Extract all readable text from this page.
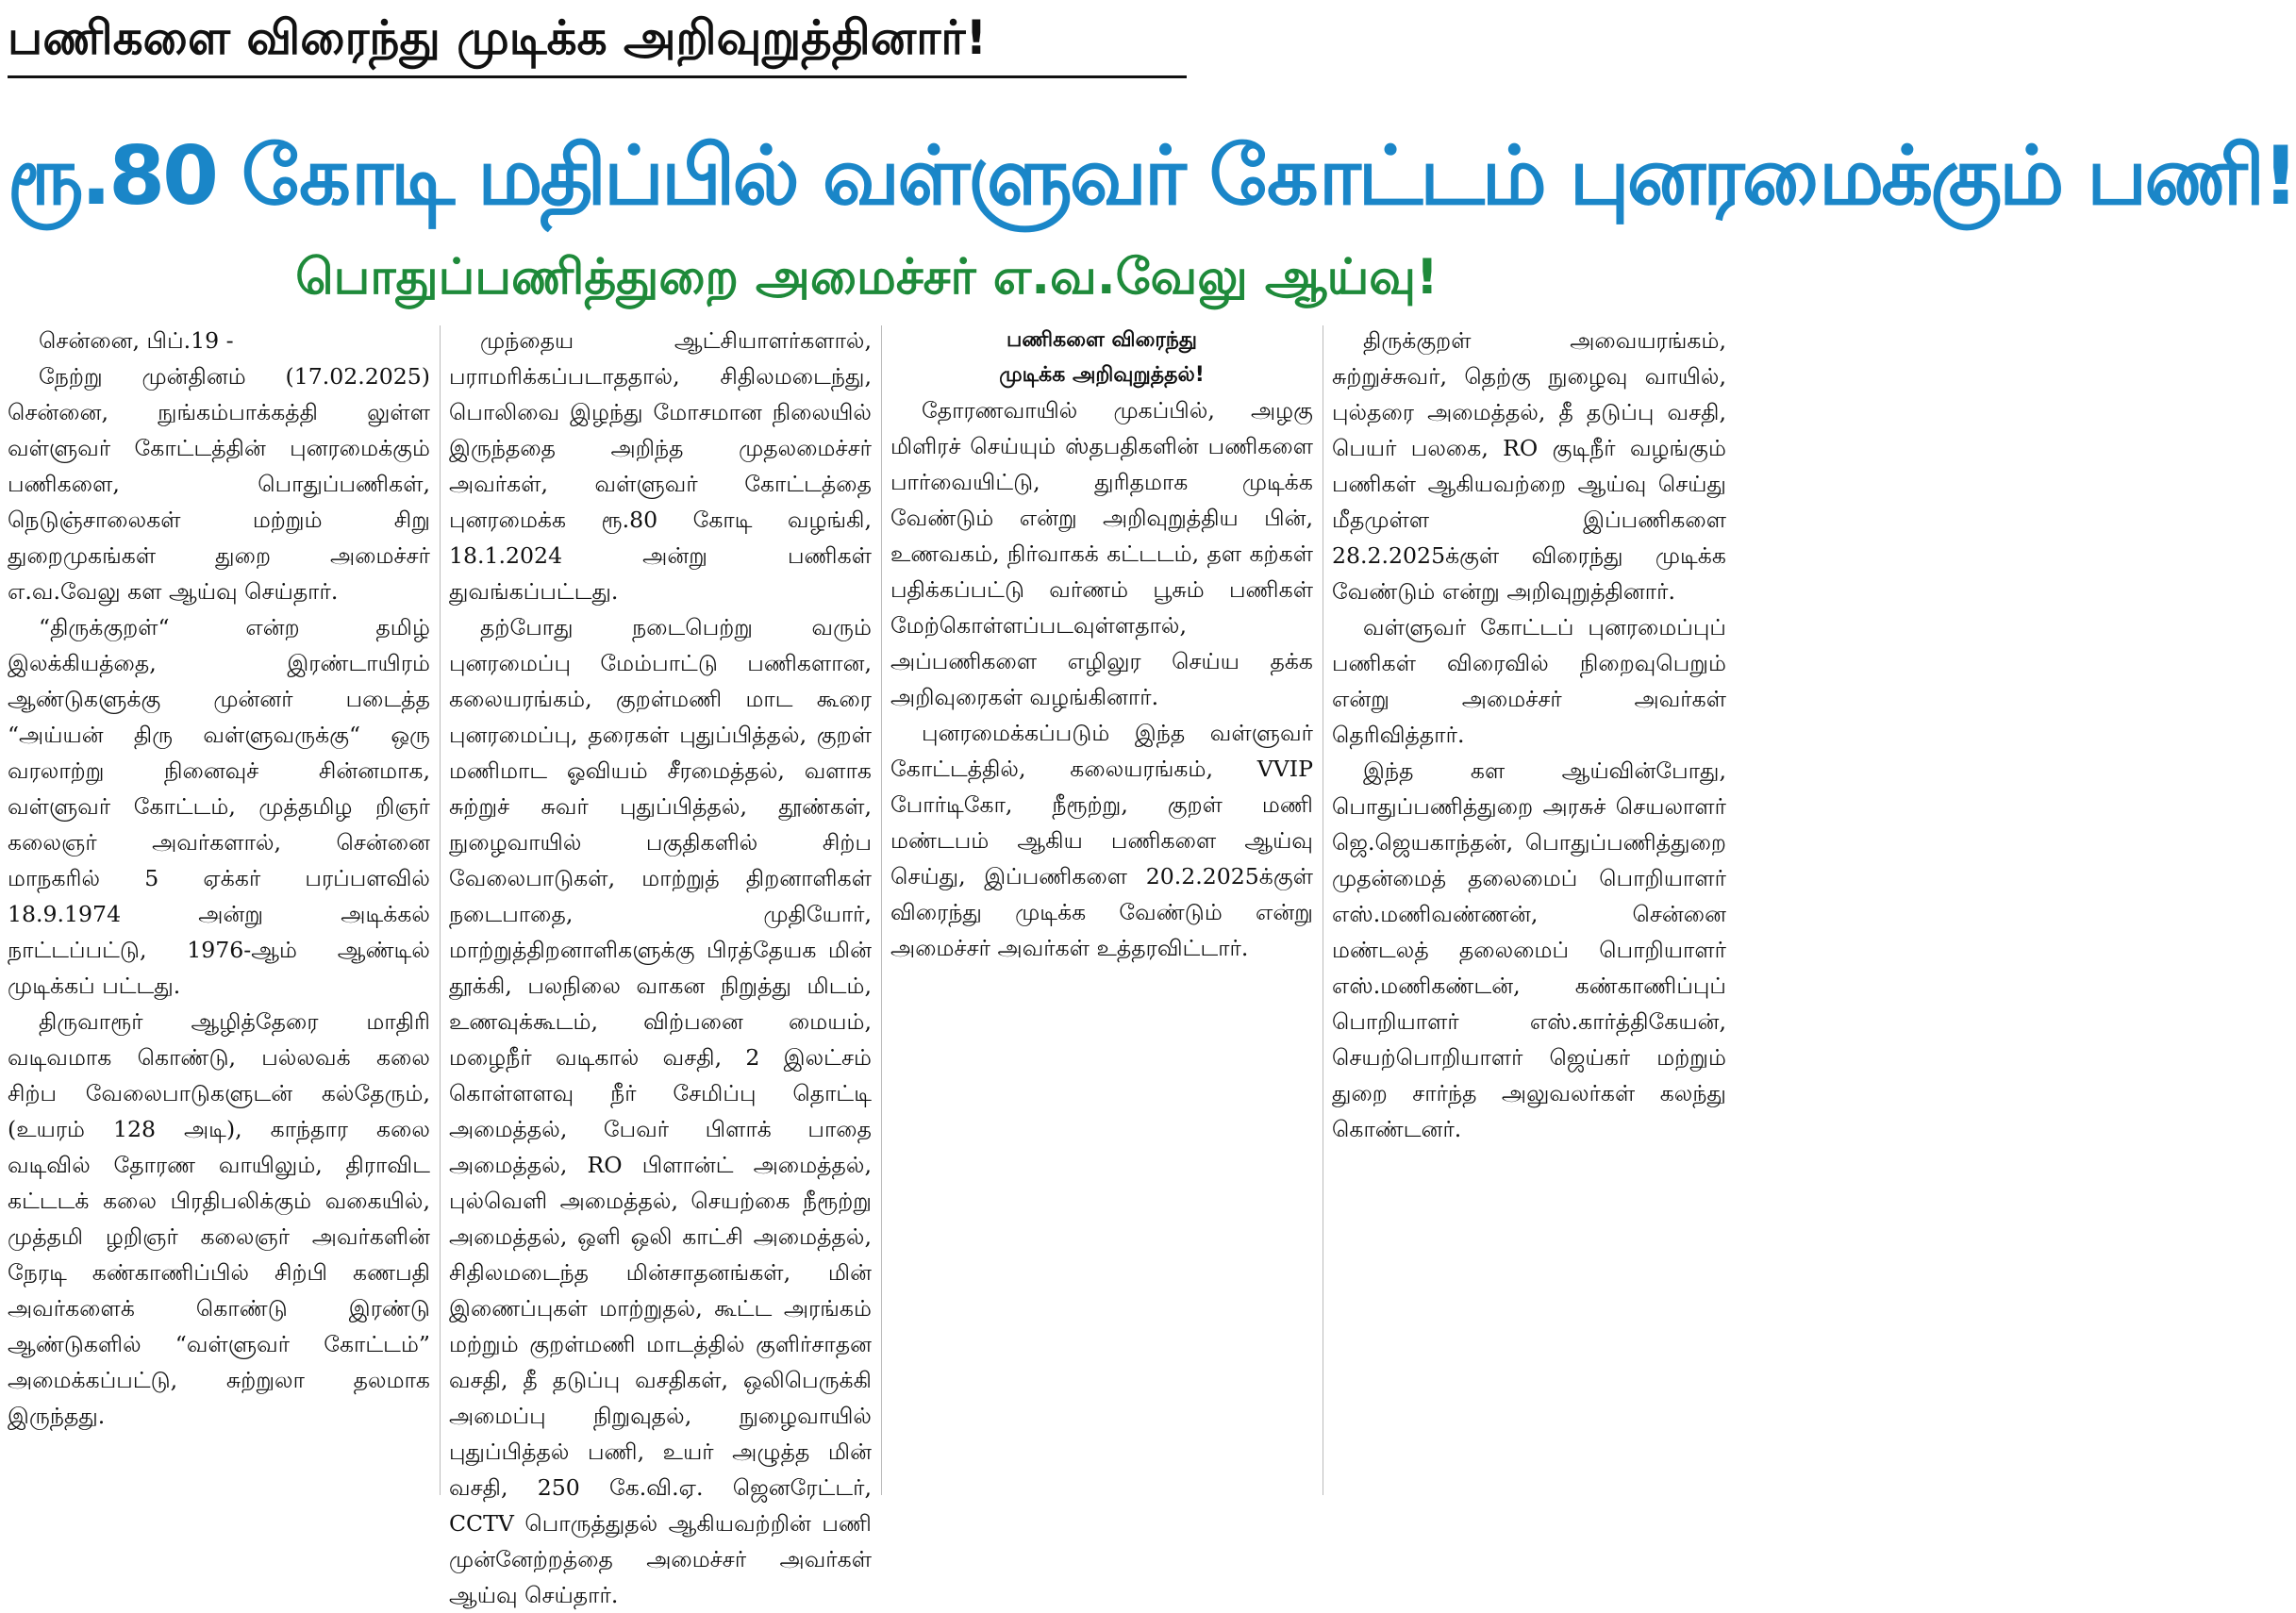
பணிகளை விரைந்து முடிக்க அறிவுறுத்தினார்!
ரூ.80 கோடி மதிப்பில் வள்ளுவர் கோட்டம் புனரமைக்கும் பணி!
பொதுப்பணித்துறை அமைச்சர் எ.வ.வேலு ஆய்வு!

சென்னை, பிப்.19 -

நேற்று முன்தினம் (17.02.2025) சென்னை, நுங்கம்பாக்கத்தி லுள்ள வள்ளுவர் கோட்டத்தின் புனரமைக்கும் பணிகளை, பொதுப்பணிகள், நெடுஞ்சாலைகள் மற்றும் சிறு துறைமுகங்கள் துறை அமைச்சர் எ.வ.வேலு கள ஆய்வு செய்தார்.

“திருக்குறள்“ என்ற தமிழ் இலக்கியத்தை, இரண்டாயிரம் ஆண்டுகளுக்கு முன்னர் படைத்த “அய்யன் திரு வள்ளுவருக்கு“ ஒரு வரலாற்று நினைவுச் சின்னமாக, வள்ளுவர் கோட்டம், முத்தமிழ றிஞர் கலைஞர் அவர்களால், சென்னை மாநகரில் 5 ஏக்கர் பரப்பளவில் 18.9.1974 அன்று அடிக்கல் நாட்டப்பட்டு, 1976-ஆம் ஆண்டில் முடிக்கப் பட்டது.

திருவாரூர் ஆழித்தேரை மாதிரி வடிவமாக கொண்டு, பல்லவக் கலை சிற்ப வேலைபாடுகளுடன் கல்தேரும், (உயரம் 128 அடி), காந்தார கலை வடிவில் தோரண வாயிலும், திராவிட கட்டடக் கலை பிரதிபலிக்கும் வகையில், முத்தமி ழறிஞர் கலைஞர் அவர்களின் நேரடி கண்காணிப்பில் சிற்பி கணபதி அவர்களைக் கொண்டு இரண்டு ஆண்டுகளில் “வள்ளுவர் கோட்டம்” அமைக்கப்பட்டு, சுற்றுலா தலமாக இருந்தது.

முந்தைய ஆட்சியாளர்களால், பராமரிக்கப்படாததால், சிதிலமடைந்து, பொலிவை இழந்து மோசமான நிலையில் இருந்ததை அறிந்த முதலமைச்சர் அவர்கள், வள்ளுவர் கோட்டத்தை புனரமைக்க ரூ.80 கோடி வழங்கி, 18.1.2024 அன்று பணிகள் துவங்கப்பட்டது.

தற்போது நடைபெற்று வரும் புனரமைப்பு மேம்பாட்டு பணிகளான, கலையரங்கம், குறள்மணி மாட கூரை புனரமைப்பு, தரைகள் புதுப்பித்தல், குறள் மணிமாட ஓவியம் சீரமைத்தல், வளாக சுற்றுச் சுவர் புதுப்பித்தல், தூண்கள், நுழைவாயில் பகுதிகளில் சிற்ப வேலைபாடுகள், மாற்றுத் திறனாளிகள் நடைபாதை, முதியோர், மாற்றுத்திறனாளிகளுக்கு பிரத்தேயக மின் தூக்கி, பலநிலை வாகன நிறுத்து மிடம், உணவுக்கூடம், விற்பனை மையம், மழைநீர் வடிகால் வசதி, 2 இலட்சம் கொள்ளளவு நீர் சேமிப்பு தொட்டி அமைத்தல், பேவர் பிளாக் பாதை அமைத்தல், RO பிளான்ட் அமைத்தல், புல்வெளி அமைத்தல், செயற்கை நீரூற்று அமைத்தல், ஒளி ஒலி காட்சி அமைத்தல், சிதிலமடைந்த மின்சாதனங்கள், மின் இணைப்புகள் மாற்றுதல், கூட்ட அரங்கம் மற்றும் குறள்மணி மாடத்தில் குளிர்சாதன வசதி, தீ தடுப்பு வசதிகள், ஒலிபெருக்கி அமைப்பு நிறுவுதல், நுழைவாயில் புதுப்பித்தல் பணி, உயர் அழுத்த மின் வசதி, 250 கே.வி.ஏ. ஜெனரேட்டர், CCTV பொருத்துதல் ஆகியவற்றின் பணி முன்னேற்றத்தை அமைச்சர் அவர்கள் ஆய்வு செய்தார்.

பணிகளை விரைந்து

முடிக்க அறிவுறுத்தல்!

தோரணவாயில் முகப்பில், அழகு மிளிரச் செய்யும் ஸ்தபதிகளின் பணிகளை பார்வையிட்டு, துரிதமாக முடிக்க வேண்டும் என்று அறிவுறுத்திய பின், உணவகம், நிர்வாகக் கட்டடம், தள கற்கள் பதிக்கப்பட்டு வர்ணம் பூசும் பணிகள் மேற்கொள்ளப்படவுள்ளதால், அப்பணிகளை எழிலுர செய்ய தக்க அறிவுரைகள் வழங்கினார்.

புனரமைக்கப்படும் இந்த வள்ளுவர் கோட்டத்தில், கலையரங்கம், VVIP போர்டிகோ, நீரூற்று, குறள் மணி மண்டபம் ஆகிய பணிகளை ஆய்வு செய்து, இப்பணிகளை 20.2.2025க்குள் விரைந்து முடிக்க வேண்டும் என்று அமைச்சர் அவர்கள் உத்தரவிட்டார்.

திருக்குறள் அவையரங்கம், சுற்றுச்சுவர், தெற்கு நுழைவு வாயில், புல்தரை அமைத்தல், தீ தடுப்பு வசதி, பெயர் பலகை, RO குடிநீர் வழங்கும் பணிகள் ஆகியவற்றை ஆய்வு செய்து மீதமுள்ள இப்பணிகளை 28.2.2025க்குள் விரைந்து முடிக்க வேண்டும் என்று அறிவுறுத்தினார்.

வள்ளுவர் கோட்டப் புனரமைப்புப் பணிகள் விரைவில் நிறைவுபெறும் என்று அமைச்சர் அவர்கள் தெரிவித்தார்.

இந்த கள ஆய்வின்போது, பொதுப்பணித்துறை அரசுச் செயலாளர் ஜெ.ஜெயகாந்தன், பொதுப்பணித்துறை முதன்மைத் தலைமைப் பொறியாளர் எஸ்.மணிவண்ணன், சென்னை மண்டலத் தலைமைப் பொறியாளர் எஸ்.மணிகண்டன், கண்காணிப்புப் பொறியாளர் எஸ்.கார்த்திகேயன், செயற்பொறியாளர் ஜெய்கர் மற்றும் துறை சார்ந்த அலுவலர்கள் கலந்து கொண்டனர்.
